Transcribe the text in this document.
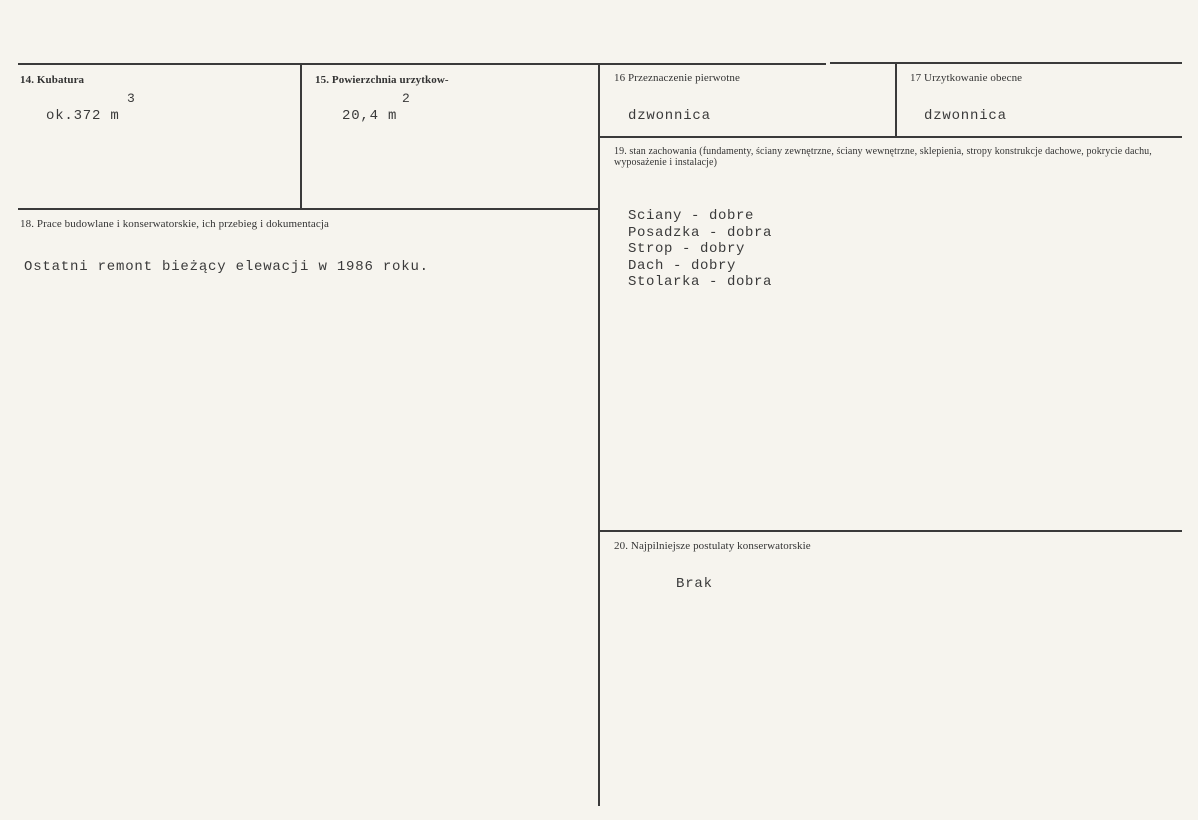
14. Kubatura
3
ok.372 m
15. Powierzchnia urzytkow-
2
20,4 m
16 Przeznaczenie pierwotne
dzwonnica
17 Urzytkowanie obecne
dzwonnica
18. Prace budowlane i konserwatorskie, ich przebieg i dokumentacja
Ostatni remont bieżący elewacji w 1986 roku.
19. stan zachowania (fundamenty, ściany zewnętrzne, ściany wewnętrzne, sklepienia, stropy konstrukcje dachowe, pokrycie dachu, wyposażenie i instalacje)
Sciany - dobre
Posadzka - dobra
Strop - dobry
Dach - dobry
Stolarka - dobra
20. Najpilniejsze postulaty konserwatorskie
Brak
